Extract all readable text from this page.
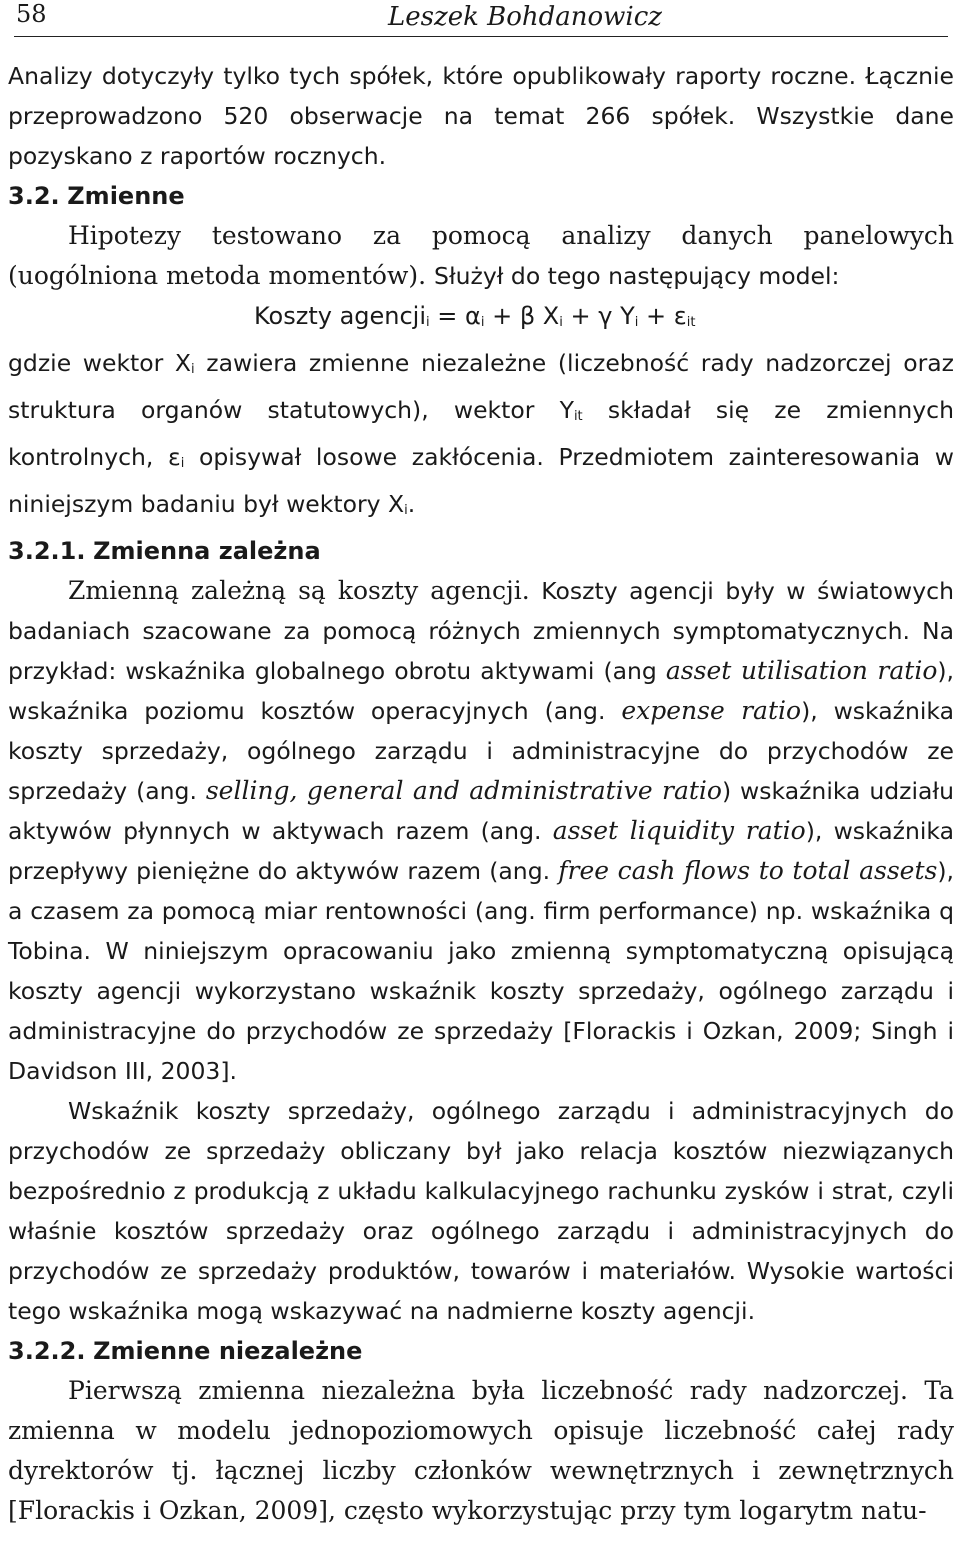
58	Leszek Bohdanowicz

Analizy dotyczyły tylko tych spółek, które opublikowały raporty roczne. Łącznie przeprowadzono 520 obserwacje na temat 266 spółek. Wszystkie dane pozyskano z raportów rocznych.

3.2. Zmienne

Hipotezy testowano za pomocą analizy danych panelowych (uogólniona metoda momentów). Służył do tego następujący model:

Koszty agencji$_i$ = $\alpha_i + \beta$ $X_i + \gamma$ $Y_i + \varepsilon_{it}$

gdzie wektor $X_i$ zawiera zmienne niezależne (liczebność rady nadzorczej oraz struktura organów statutowych), wektor $Y_{it}$ składał się ze zmiennych kontrolnych, $\varepsilon_i$ opisywał losowe zakłócenia. Przedmiotem zainteresowania w niniejszym badaniu był wektory $X_i$.

3.2.1. Zmienna zależna

Zmienną zależną są koszty agencji. Koszty agencji były w światowych badaniach szacowane za pomocą różnych zmiennych symptomatycznych. Na przykład: wskaźnika globalnego obrotu aktywami (ang asset utilisation ratio), wskaźnika poziomu kosztów operacyjnych (ang. expense ratio), wskaźnika koszty sprzedaży, ogólnego zarządu i administracyjne do przychodów ze sprzedaży (ang. selling, general and administrative ratio) wskaźnika udziału aktywów płynnych w aktywach razem (ang. asset liquidity ratio), wskaźnika przepływy pieniężne do aktywów razem (ang. free cash flows to total assets), a czasem za pomocą miar rentowności (ang. firm performance) np. wskaźnika q Tobina. W niniejszym opracowaniu jako zmienną symptomatyczną opisującą koszty agencji wykorzystano wskaźnik koszty sprzedaży, ogólnego zarządu i administracyjne do przychodów ze sprzedaży [Florackis i Ozkan, 2009; Singh i Davidson III, 2003].

Wskaźnik koszty sprzedaży, ogólnego zarządu i administracyjnych do przychodów ze sprzedaży obliczany był jako relacja kosztów niezwiązanych bezpośrednio z produkcją z układu kalkulacyjnego rachunku zysków i strat, czyli właśnie kosztów sprzedaży oraz ogólnego zarządu i administracyjnych do przychodów ze sprzedaży produktów, towarów i materiałów. Wysokie wartości tego wskaźnika mogą wskazywać na nadmierne koszty agencji.

3.2.2. Zmienne niezależne

Pierwszą zmienna niezależna była liczebność rady nadzorczej. Ta zmienna w modelu jednopoziomowych opisuje liczebność całej rady dyrektorów tj. łącznej liczby członków wewnętrznych i zewnętrznych [Florackis i Ozkan, 2009], często wykorzystując przy tym logarytm natu-
